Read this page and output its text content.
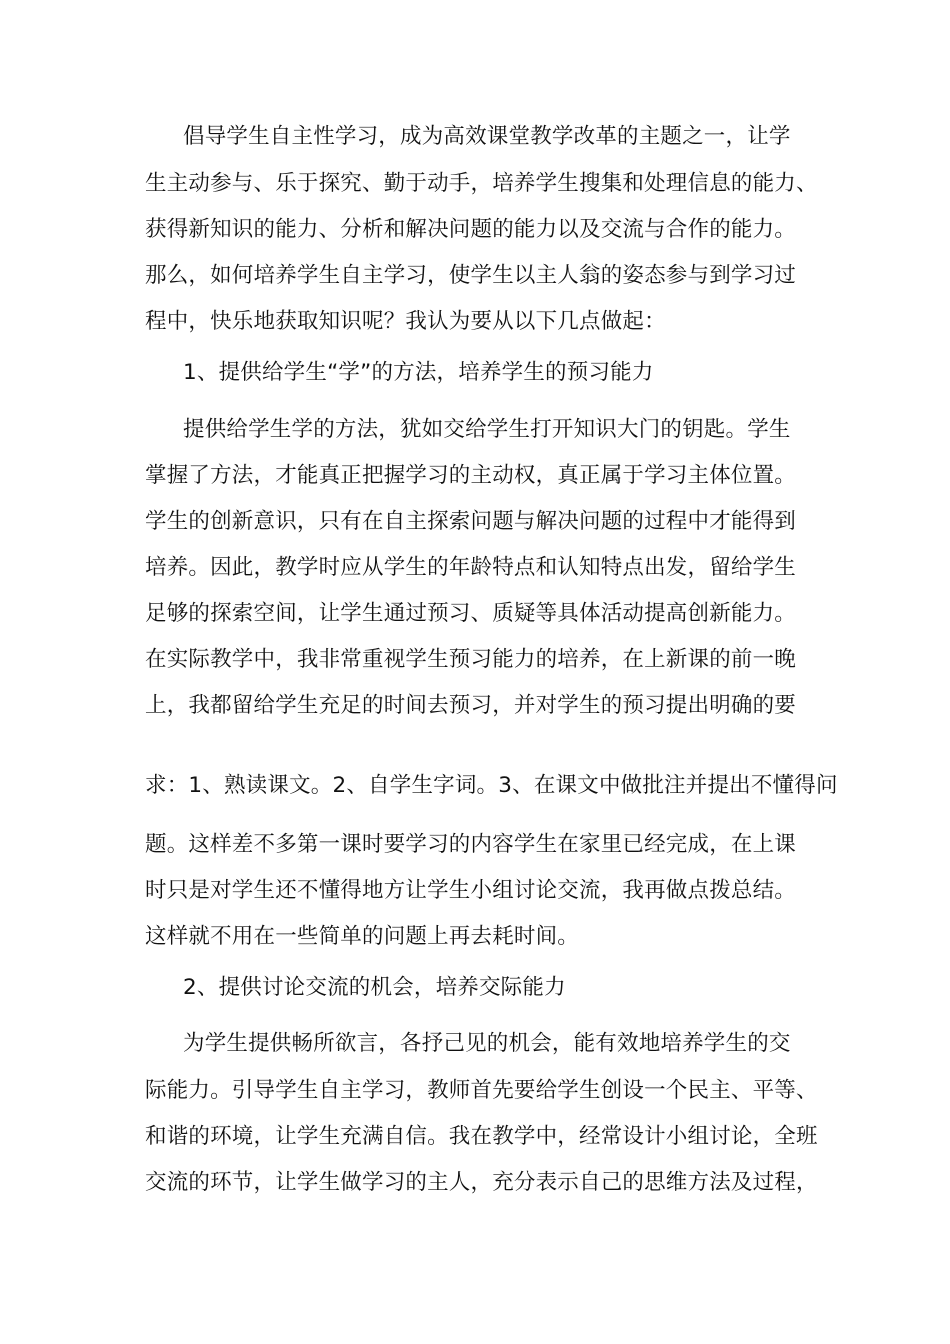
倡导学生自主性学习，成为高效课堂教学改革的主题之一，让学
生主动参与、乐于探究、勤于动手，培养学生搜集和处理信息的能力、
获得新知识的能力、分析和解决问题的能力以及交流与合作的能力。
那么，如何培养学生自主学习，使学生以主人翁的姿态参与到学习过
程中，快乐地获取知识呢？我认为要从以下几点做起：
1、提供给学生“学”的方法，培养学生的预习能力
提供给学生学的方法，犹如交给学生打开知识大门的钥匙。学生
掌握了方法，才能真正把握学习的主动权，真正属于学习主体位置。
学生的创新意识，只有在自主探索问题与解决问题的过程中才能得到
培养。因此，教学时应从学生的年龄特点和认知特点出发，留给学生
足够的探索空间，让学生通过预习、质疑等具体活动提高创新能力。
在实际教学中，我非常重视学生预习能力的培养，在上新课的前一晚
上，我都留给学生充足的时间去预习，并对学生的预习提出明确的要
求：1、熟读课文。2、自学生字词。3、在课文中做批注并提出不懂得问
题。这样差不多第一课时要学习的内容学生在家里已经完成，在上课
时只是对学生还不懂得地方让学生小组讨论交流，我再做点拨总结。
这样就不用在一些简单的问题上再去耗时间。
2、提供讨论交流的机会，培养交际能力
为学生提供畅所欲言，各抒己见的机会，能有效地培养学生的交
际能力。引导学生自主学习，教师首先要给学生创设一个民主、平等、
和谐的环境，让学生充满自信。我在教学中，经常设计小组讨论，全班
交流的环节，让学生做学习的主人，充分表示自己的思维方法及过程，
